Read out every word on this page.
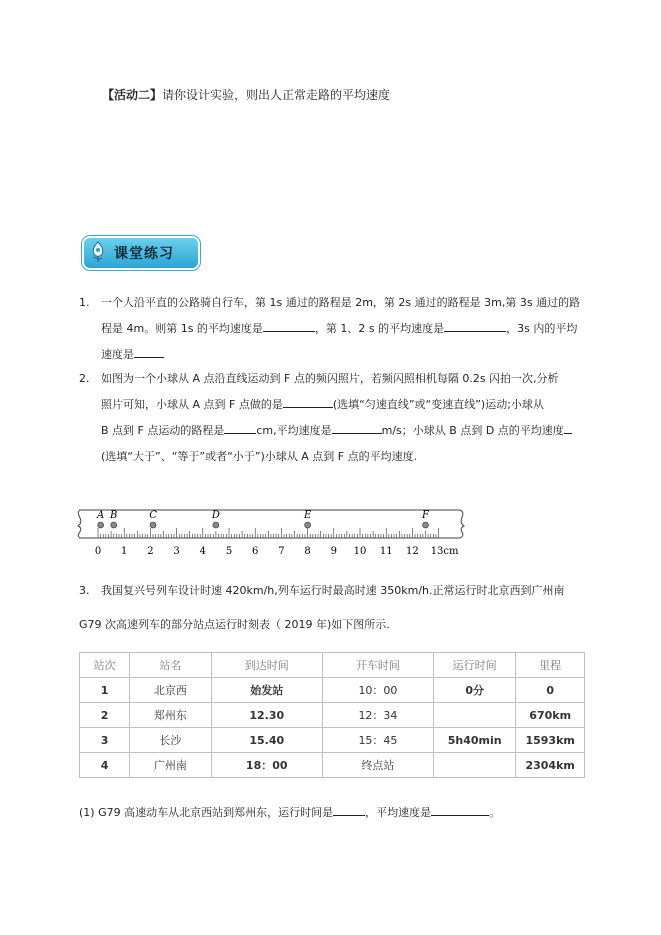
【活动二】请你设计实验，则出人正常走路的平均速度
课堂练习
1. 一个人沿平直的公路骑自行车，第 1s 通过的路程是 2m，第 2s 通过的路程是 3m,第 3s 通过的路
程是 4m。则第 1s 的平均速度是	，第 1、2 s 的平均速度是	，3s 内的平均
速度是
2. 如图为一个小球从 A 点沿直线运动到 F 点的频闪照片，若频闪照相机每隔 0.2s 闪拍一次,分析
照片可知，小球从 A 点到 F 点做的是	(选填“匀速直线”或“变速直线”)运动;小球从
B 点到 F 点运动的路程是	cm,平均速度是	m/s；小球从 B 点到 D 点的平均速度
(选填“大于”、“等于”或者“小于”)小球从 A 点到 F 点的平均速度.
0 1 2 3 4 5 6 7 8 9 10 11 12 13cm
A B	C	D	E	F
3. 我国复兴号列车设计时速 420km/h,列车运行时最高时速 350km/h.正常运行时北京西到广州南
G79 次高速列车的部分站点运行时刻表（ 2019 年)如下图所示.
站次	站名	到达时间	开车时间	运行时间	里程
1	北京西	始发站	10：00	0分	0
2	郑州东	12.30	12：34		670km
3	长沙	15.40	15：45	5h40min	1593km
4	广州南	18：00	终点站		2304km
(1) G79 高速动车从北京西站到郑州东，运行时间是	，平均速度是	。
